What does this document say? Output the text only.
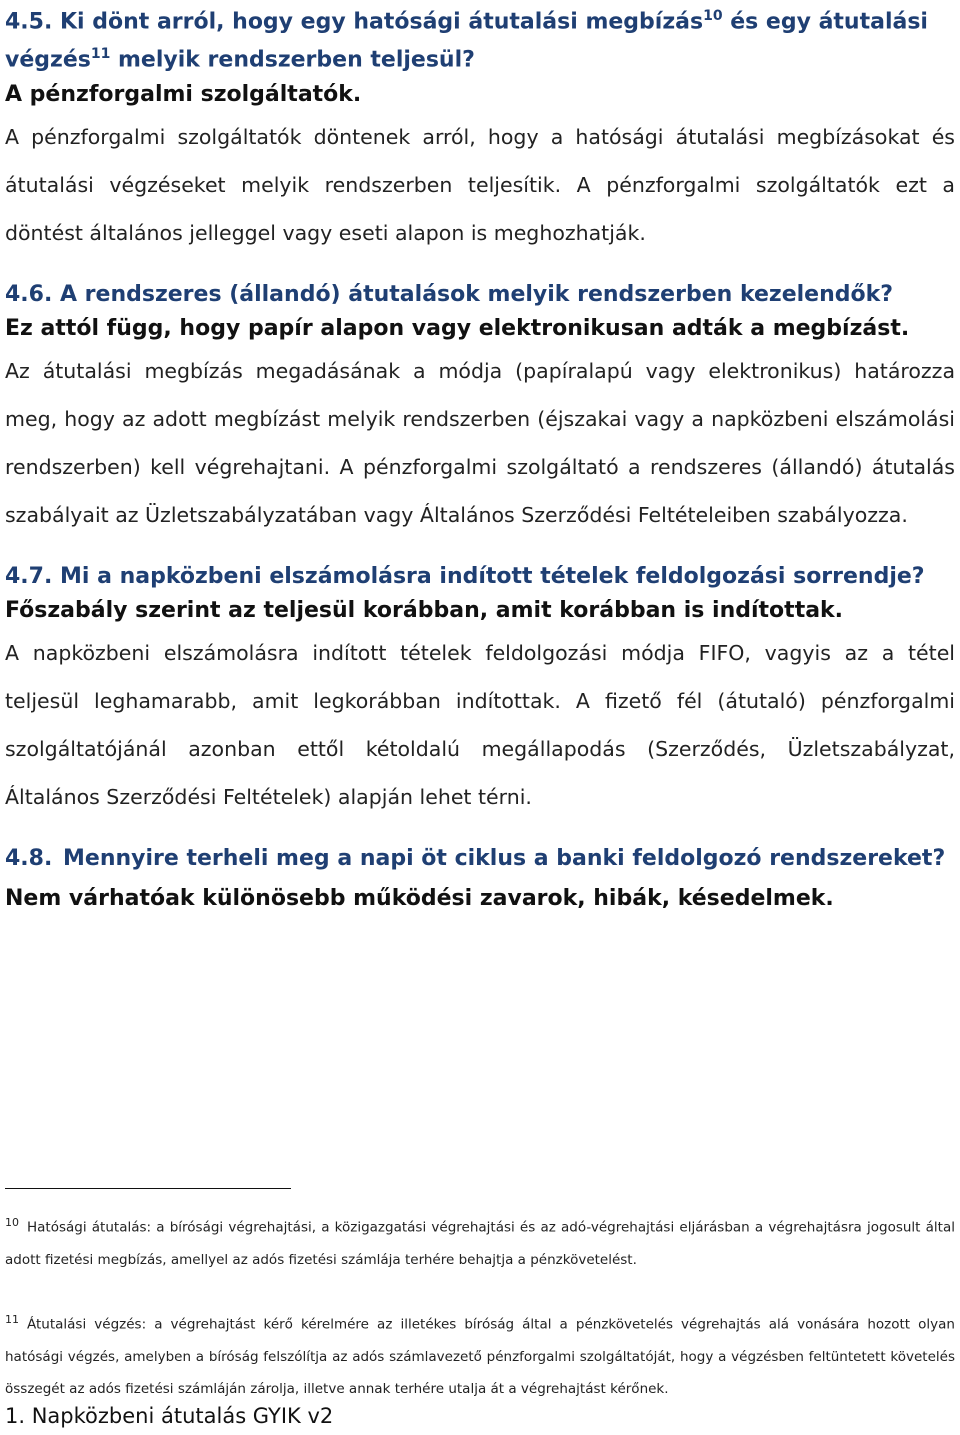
4.5. Ki dönt arról, hogy egy hatósági átutalási megbízás$^{10}$ és egy átutalási végzés$^{11}$ melyik rendszerben teljesül?

A pénzforgalmi szolgáltatók.

A pénzforgalmi szolgáltatók döntenek arról, hogy a hatósági átutalási megbízásokat és átutalási végzéseket melyik rendszerben teljesítik. A pénzforgalmi szolgáltatók ezt a döntést általános jelleggel vagy eseti alapon is meghozhatják.

4.6. A rendszeres (állandó) átutalások melyik rendszerben kezelendők?

Ez attól függ, hogy papír alapon vagy elektronikusan adták a megbízást.

Az átutalási megbízás megadásának a módja (papíralapú vagy elektronikus) határozza meg, hogy az adott megbízást melyik rendszerben (éjszakai vagy a napközbeni elszámolási rendszerben) kell végrehajtani. A pénzforgalmi szolgáltató a rendszeres (állandó) átutalás szabályait az Üzletszabályzatában vagy Általános Szerződési Feltételeiben szabályozza.

4.7. Mi a napközbeni elszámolásra indított tételek feldolgozási sorrendje?

Főszabály szerint az teljesül korábban, amit korábban is indítottak.

A napközbeni elszámolásra indított tételek feldolgozási módja FIFO, vagyis az a tétel teljesül leghamarabb, amit legkorábban indítottak. A fizető fél (átutaló) pénzforgalmi szolgáltatójánál azonban ettől kétoldalú megállapodás (Szerződés, Üzletszabályzat, Általános Szerződési Feltételek) alapján lehet térni.

4.8. Mennyire terheli meg a napi öt ciklus a banki feldolgozó rendszereket?

Nem várhatóak különösebb működési zavarok, hibák, késedelmek.

$^{10}$ Hatósági átutalás: a bírósági végrehajtási, a közigazgatási végrehajtási és az adó-végrehajtási eljárásban a végrehajtásra jogosult által adott fizetési megbízás, amellyel az adós fizetési számlája terhére behajtja a pénzkövetelést.

$^{11}$ Átutalási végzés: a végrehajtást kérő kérelmére az illetékes bíróság által a pénzkövetelés végrehajtás alá vonására hozott olyan hatósági végzés, amelyben a bíróság felszólítja az adós számlavezető pénzforgalmi szolgáltatóját, hogy a végzésben feltüntetett követelés összegét az adós fizetési számláján zárolja, illetve annak terhére utalja át a végrehajtást kérőnek.

1. Napközbeni átutalás GYIK v2
